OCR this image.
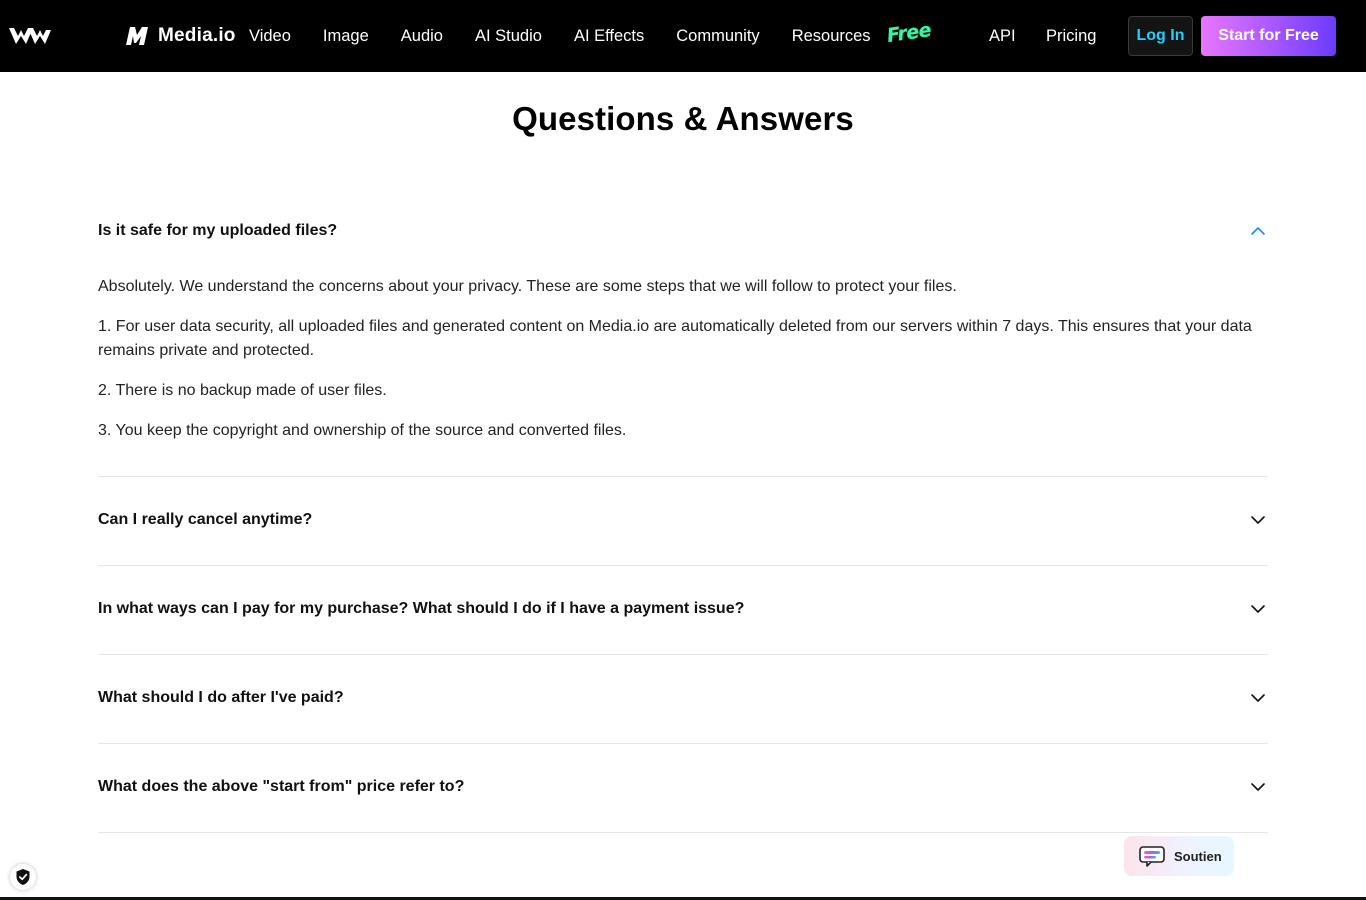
Media.io Video Image Audio AI Studio AI Effects Community Resources Free	API Pricing	Log In	Start for Free
Questions & Answers
Is it safe for my uploaded files?

Absolutely. We understand the concerns about your privacy. These are some steps that we will follow to protect your files.

1. For user data security, all uploaded files and generated content on Media.io are automatically deleted from our servers within 7 days. This ensures that your data remains private and protected.

2. There is no backup made of user files.

3. You keep the copyright and ownership of the source and converted files.

Can I really cancel anytime?
In what ways can I pay for my purchase? What should I do if I have a payment issue?
What should I do after I've paid?
What does the above "start from" price refer to?
Soutien
